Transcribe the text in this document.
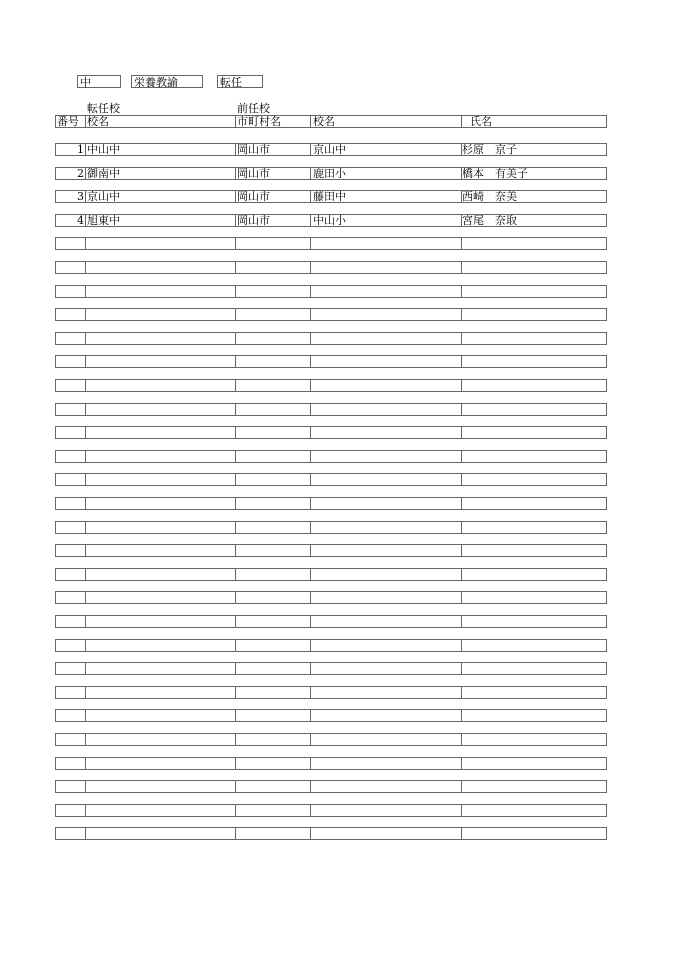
中	栄養教諭	転任
転任校	前任校
番号 校名	市町村名	校名	氏名
1 中山中	岡山市	京山中	杉原　京子
2 御南中	岡山市	鹿田小	橋本　有美子
3 京山中	岡山市	藤田中	西崎　奈美
4 旭東中	岡山市	中山小	宮尾　奈取
